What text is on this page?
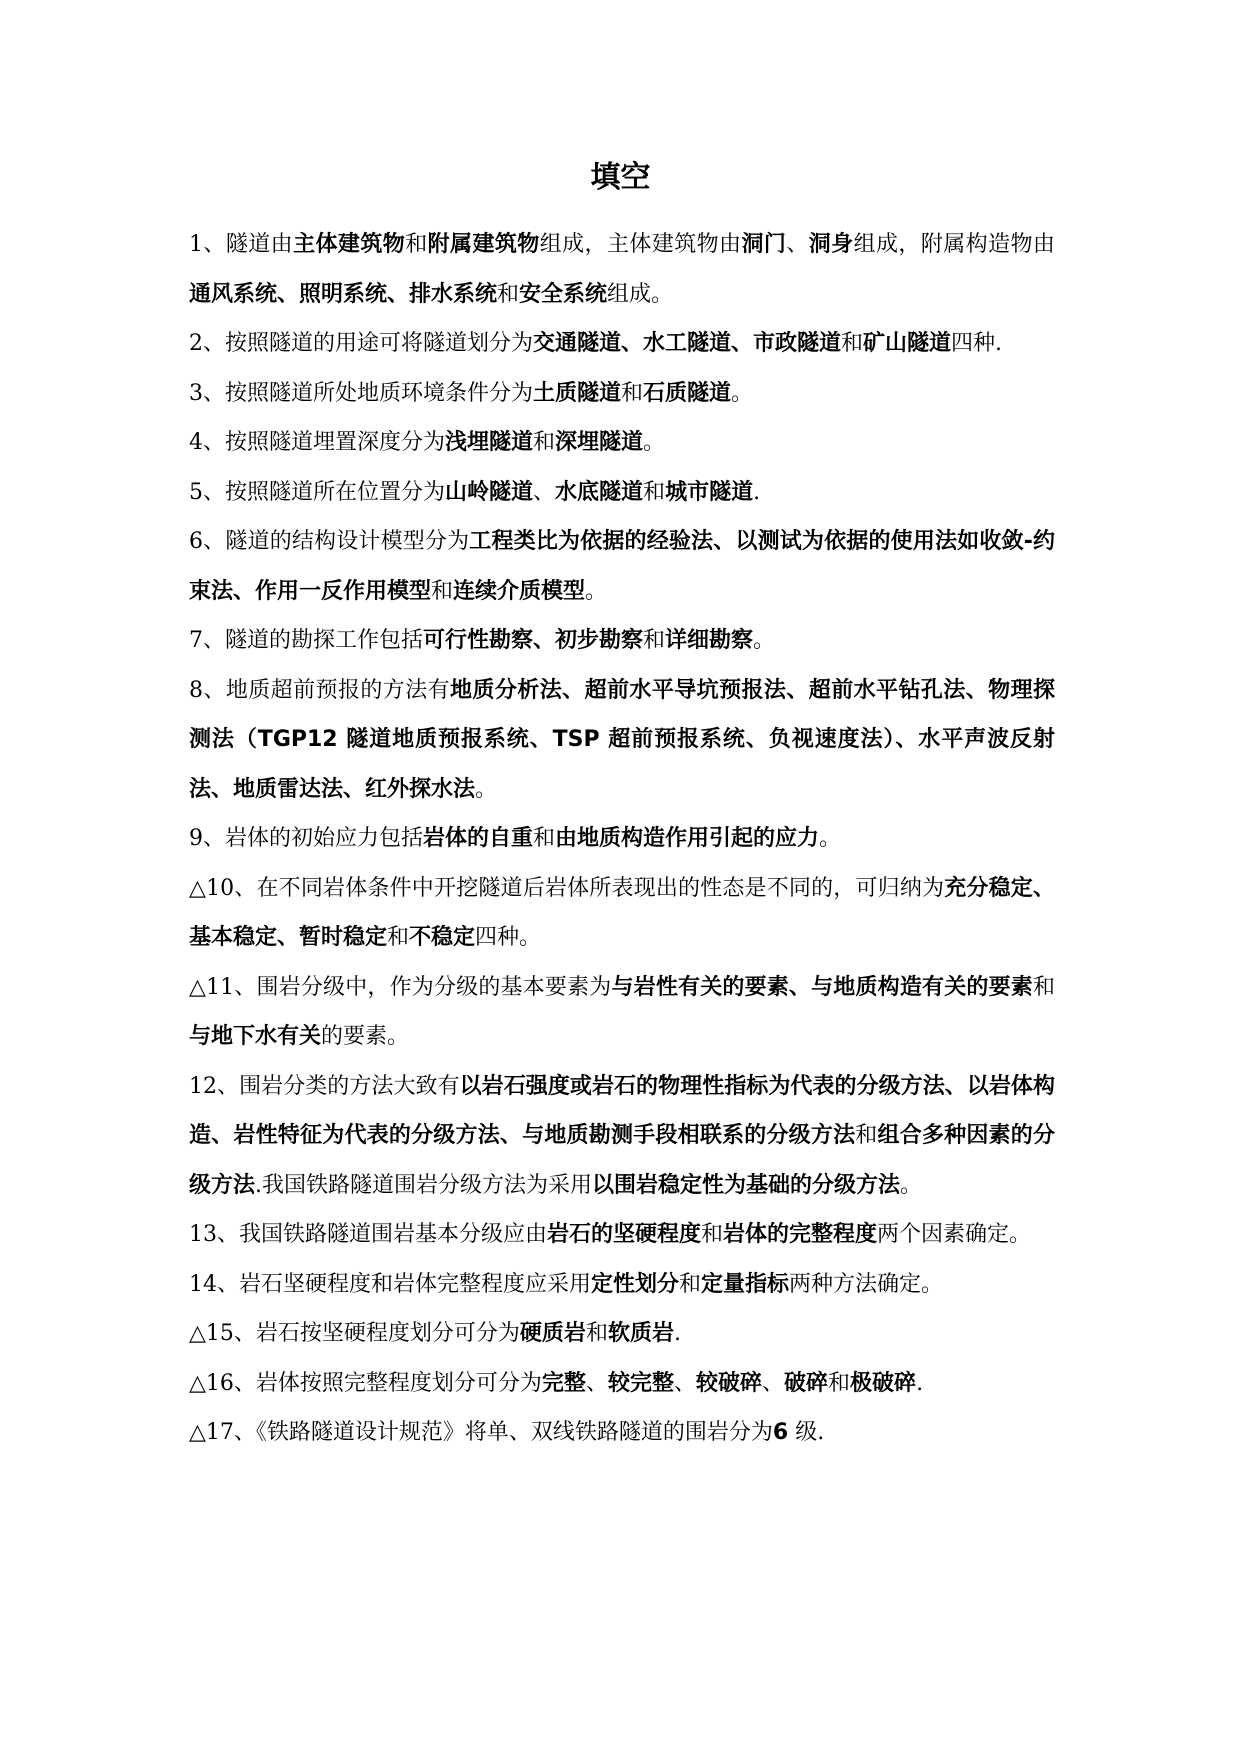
填空

1、隧道由主体建筑物和附属建筑物组成，主体建筑物由洞门、洞身组成，附属构造物由通风系统、照明系统、排水系统和安全系统组成。

2、按照隧道的用途可将隧道划分为交通隧道、水工隧道、市政隧道和矿山隧道四种.

3、按照隧道所处地质环境条件分为土质隧道和石质隧道。

4、按照隧道埋置深度分为浅埋隧道和深埋隧道。

5、按照隧道所在位置分为山岭隧道、水底隧道和城市隧道.

6、隧道的结构设计模型分为工程类比为依据的经验法、以测试为依据的使用法如收敛-约束法、作用一反作用模型和连续介质模型。

7、隧道的勘探工作包括可行性勘察、初步勘察和详细勘察。

8、地质超前预报的方法有地质分析法、超前水平导坑预报法、超前水平钻孔法、物理探测法（TGP12 隧道地质预报系统、TSP 超前预报系统、负视速度法）、水平声波反射法、地质雷达法、红外探水法。

9、岩体的初始应力包括岩体的自重和由地质构造作用引起的应力。

△10、在不同岩体条件中开挖隧道后岩体所表现出的性态是不同的，可归纳为充分稳定、基本稳定、暂时稳定和不稳定四种。

△11、围岩分级中，作为分级的基本要素为与岩性有关的要素、与地质构造有关的要素和与地下水有关的要素。

12、围岩分类的方法大致有以岩石强度或岩石的物理性指标为代表的分级方法、以岩体构造、岩性特征为代表的分级方法、与地质勘测手段相联系的分级方法和组合多种因素的分级方法.我国铁路隧道围岩分级方法为采用以围岩稳定性为基础的分级方法。

13、我国铁路隧道围岩基本分级应由岩石的坚硬程度和岩体的完整程度两个因素确定。

14、岩石坚硬程度和岩体完整程度应采用定性划分和定量指标两种方法确定。

△15、岩石按坚硬程度划分可分为硬质岩和软质岩.

△16、岩体按照完整程度划分可分为完整、较完整、较破碎、破碎和极破碎.

△17、《铁路隧道设计规范》将单、双线铁路隧道的围岩分为6 级.
